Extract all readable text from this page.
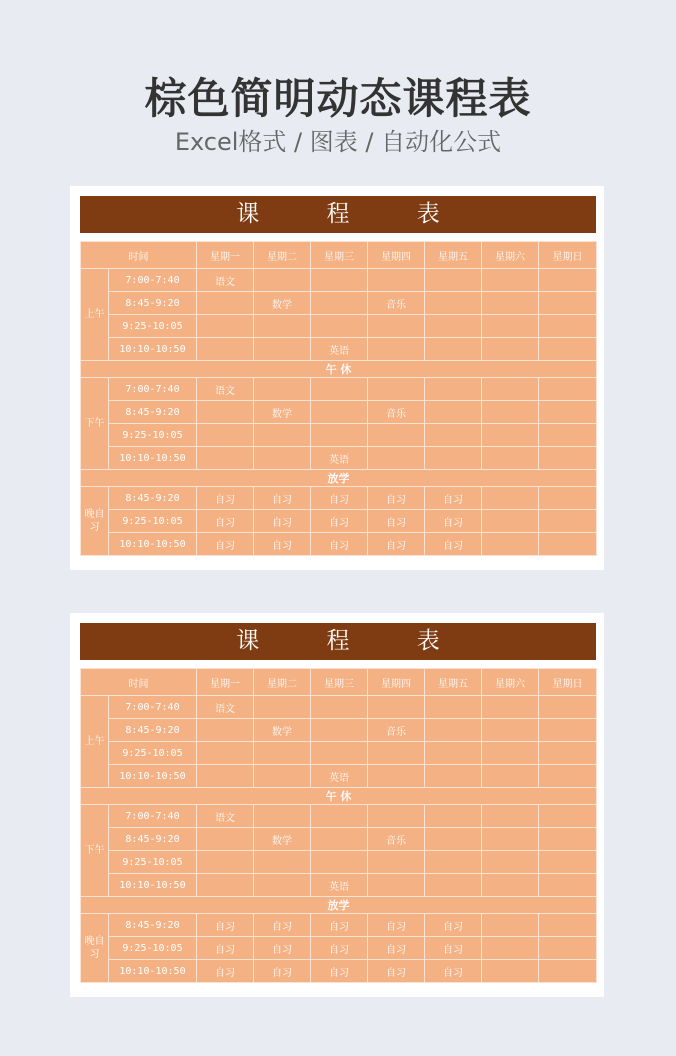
棕色简明动态课程表
Excel格式 / 图表 / 自动化公式
课 程 表
时间		星期一	星期二	星期三	星期四	星期五	星期六	星期日
上午	7:00-7:40	语文						
	8:45-9:20		数学		音乐			
	9:25-10:05							
	10:10-10:50			英语				
午 休								
下午	7:00-7:40	语文						
	8:45-9:20		数学		音乐			
	9:25-10:05							
	10:10-10:50			英语				
放学								
晚自习	8:45-9:20	自习	自习	自习	自习	自习		
	9:25-10:05	自习	自习	自习	自习	自习		
	10:10-10:50	自习	自习	自习	自习	自习		
课 程 表
时间		星期一	星期二	星期三	星期四	星期五	星期六	星期日
上午	7:00-7:40	语文						
	8:45-9:20		数学		音乐			
	9:25-10:05							
	10:10-10:50			英语				
午 休								
下午	7:00-7:40	语文						
	8:45-9:20		数学		音乐			
	9:25-10:05							
	10:10-10:50			英语				
放学								
晚自习	8:45-9:20	自习	自习	自习	自习	自习		
	9:25-10:05	自习	自习	自习	自习	自习		
	10:10-10:50	自习	自习	自习	自习	自习		
